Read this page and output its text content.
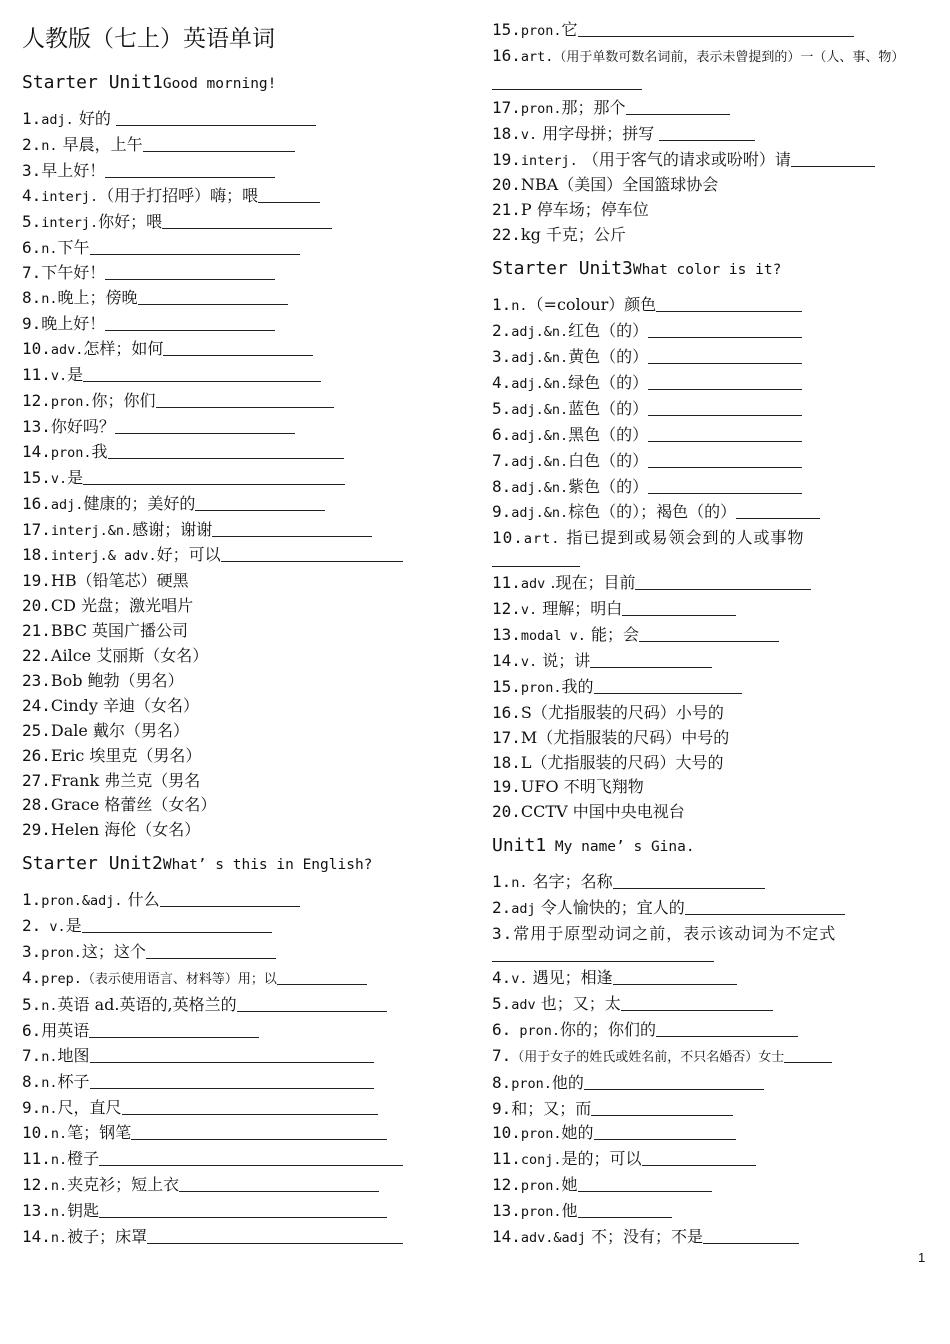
人教版（七上）英语单词
Starter Unit1Good morning!
1.adj. 好的
2.n. 早晨，上午
3.早上好！
4.interj.（用于打招呼）嗨；喂
5.interj.你好；喂
6.n.下午
7.下午好！
8.n.晚上；傍晚
9.晚上好！
10.adv.怎样；如何
11.v.是
12.pron.你；你们
13.你好吗？
14.pron.我
15.v.是
16.adj.健康的；美好的
17.interj.&n.感谢；谢谢
18.interj.& adv.好；可以
19.HB（铅笔芯）硬黑
20.CD 光盘；激光唱片
21.BBC 英国广播公司
22.Ailce 艾丽斯（女名）
23.Bob 鲍勃（男名）
24.Cindy 辛迪（女名）
25.Dale 戴尔（男名）
26.Eric 埃里克（男名）
27.Frank 弗兰克（男名
28.Grace 格蕾丝（女名）
29.Helen 海伦（女名）
Starter Unit2What’ s this in English?
1.pron.&adj. 什么
2. v.是
3.pron.这；这个
4.prep.（表示使用语言、材料等）用；以
5.n.英语 ad.英语的,英格兰的
6.用英语
7.n.地图
8.n.杯子
9.n.尺，直尺
10.n.笔；钢笔
11.n.橙子
12.n.夹克衫；短上衣
13.n.钥匙
14.n.被子；床罩
15.pron.它
16.art.（用于单数可数名词前，表示未曾提到的）一（人、事、物）
17.pron.那；那个
18.v. 用字母拼；拼写
19.interj. （用于客气的请求或吩咐）请
20.NBA（美国）全国篮球协会
21.P 停车场；停车位
22.kg 千克；公斤
Starter Unit3What color is it?
1.n.（=colour）颜色
2.adj.&n.红色（的）
3.adj.&n.黄色（的）
4.adj.&n.绿色（的）
5.adj.&n.蓝色（的）
6.adj.&n.黑色（的）
7.adj.&n.白色（的）
8.adj.&n.紫色（的）
9.adj.&n.棕色（的）；褐色（的）
10.art. 指已提到或易领会到的人或事物
11.adv .现在；目前
12.v. 理解；明白
13.modal v. 能；会
14.v. 说；讲
15.pron.我的
16.S（尤指服装的尺码）小号的
17.M（尤指服装的尺码）中号的
18.L（尤指服装的尺码）大号的
19.UFO 不明飞翔物
20.CCTV 中国中央电视台
Unit1 My name’ s Gina.
1.n. 名字；名称
2.adj 令人愉快的；宜人的
3.常用于原型动词之前，表示该动词为不定式
4.v. 遇见；相逢
5.adv 也；又；太
6. pron.你的；你们的
7.（用于女子的姓氏或姓名前，不只名婚否）女士
8.pron.他的
9.和；又；而
10.pron.她的
11.conj.是的；可以
12.pron.她
13.pron.他
14.adv.&adj 不；没有；不是
1
